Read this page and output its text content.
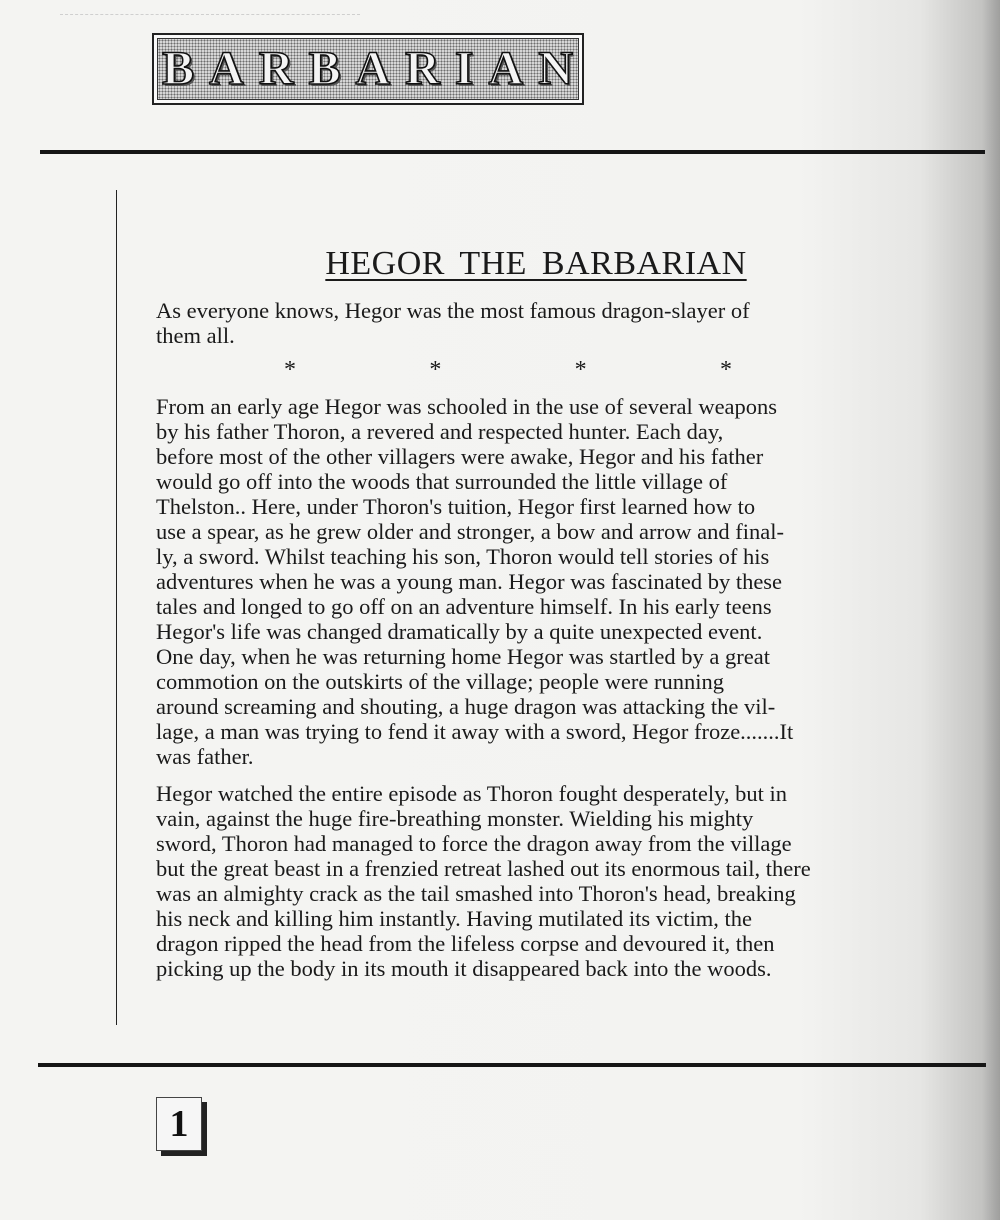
BARBARIAN
HEGOR THE BARBARIAN

As everyone knows, Hegor was the most famous dragon-slayer of
them all.

*	*	*	*

From an early age Hegor was schooled in the use of several weapons
by his father Thoron, a revered and respected hunter. Each day,
before most of the other villagers were awake, Hegor and his father
would go off into the woods that surrounded the little village of
Thelston.. Here, under Thoron's tuition, Hegor first learned how to
use a spear, as he grew older and stronger, a bow and arrow and final-
ly, a sword. Whilst teaching his son, Thoron would tell stories of his
adventures when he was a young man. Hegor was fascinated by these
tales and longed to go off on an adventure himself. In his early teens
Hegor's life was changed dramatically by a quite unexpected event.
One day, when he was returning home Hegor was startled by a great
commotion on the outskirts of the village; people were running
around screaming and shouting, a huge dragon was attacking the vil-
lage, a man was trying to fend it away with a sword, Hegor froze.......It
was father.

Hegor watched the entire episode as Thoron fought desperately, but in
vain, against the huge fire-breathing monster. Wielding his mighty
sword, Thoron had managed to force the dragon away from the village
but the great beast in a frenzied retreat lashed out its enormous tail, there
was an almighty crack as the tail smashed into Thoron's head, breaking
his neck and killing him instantly. Having mutilated its victim, the
dragon ripped the head from the lifeless corpse and devoured it, then
picking up the body in its mouth it disappeared back into the woods.

1
